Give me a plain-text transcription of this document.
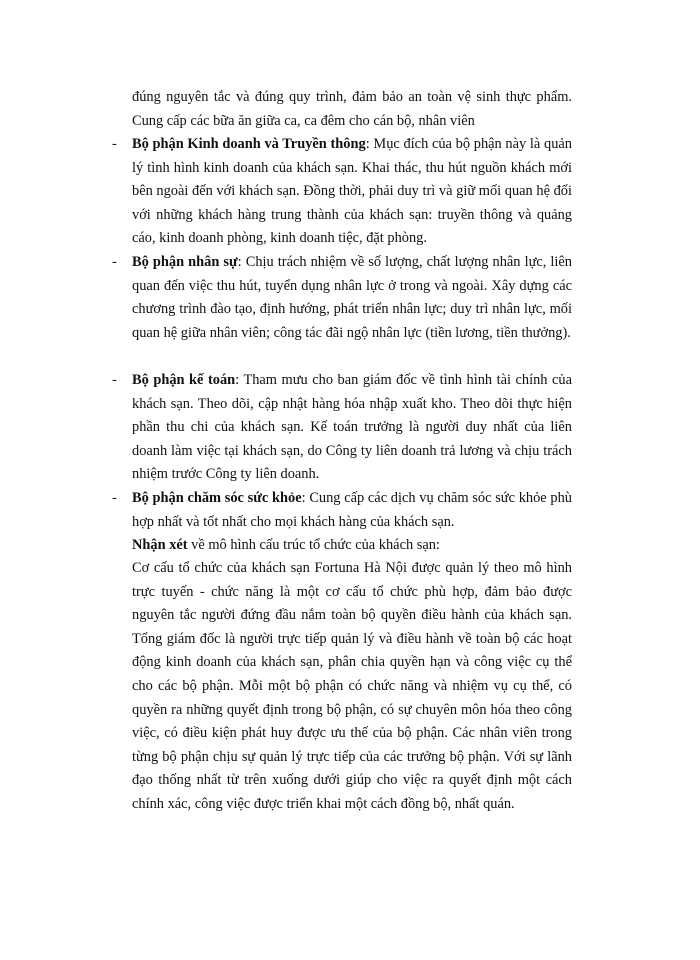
đúng nguyên tắc và đúng quy trình, đảm bảo an toàn vệ sinh thực phẩm. Cung cấp các bữa ăn giữa ca, ca đêm cho cán bộ, nhân viên

-	Bộ phận Kinh doanh và Truyền thông: Mục đích của bộ phận này là quản lý tình hình kinh doanh của khách sạn. Khai thác, thu hút nguồn khách mới bên ngoài đến với khách sạn. Đồng thời, phải duy trì và giữ mối quan hệ đối với những khách hàng trung thành của khách sạn: truyền thông và quảng cáo, kinh doanh phòng, kinh doanh tiệc, đặt phòng.

-	Bộ phận nhân sự: Chịu trách nhiệm về số lượng, chất lượng nhân lực, liên quan đến việc thu hút, tuyển dụng nhân lực ở trong và ngoài. Xây dựng các chương trình đào tạo, định hướng, phát triển nhân lực; duy trì nhân lực, mối quan hệ giữa nhân viên; công tác đãi ngộ nhân lực (tiền lương, tiền thưởng).

-	Bộ phận kế toán: Tham mưu cho ban giám đốc về tình hình tài chính của khách sạn. Theo dõi, cập nhật hàng hóa nhập xuất kho. Theo dõi thực hiện phần thu chi của khách sạn. Kế toán trưởng là người duy nhất của liên doanh làm việc tại khách sạn, do Công ty liên doanh trả lương và chịu trách nhiệm trước Công ty liên doanh.

-	Bộ phận chăm sóc sức khỏe: Cung cấp các dịch vụ chăm sóc sức khỏe phù hợp nhất và tốt nhất cho mọi khách hàng của khách sạn.

Nhận xét về mô hình cấu trúc tổ chức của khách sạn:

Cơ cấu tổ chức của khách sạn Fortuna Hà Nội được quản lý theo mô hình trực tuyến - chức năng là một cơ cấu tổ chức phù hợp, đảm bảo được nguyên tắc người đứng đầu nắm toàn bộ quyền điều hành của khách sạn. Tổng giám đốc là người trực tiếp quản lý và điều hành về toàn bộ các hoạt động kinh doanh của khách sạn, phân chia quyền hạn và công việc cụ thể cho các bộ phận. Mỗi một bộ phận có chức năng và nhiệm vụ cụ thể, có quyền ra những quyết định trong bộ phận, có sự chuyên môn hóa theo công việc, có điều kiện phát huy được ưu thế của bộ phận. Các nhân viên trong từng bộ phận chịu sự quản lý trực tiếp của các trưởng bộ phận. Với sự lãnh đạo thống nhất từ trên xuống dưới giúp cho việc ra quyết định một cách chính xác, công việc được triển khai một cách đồng bộ, nhất quán.
